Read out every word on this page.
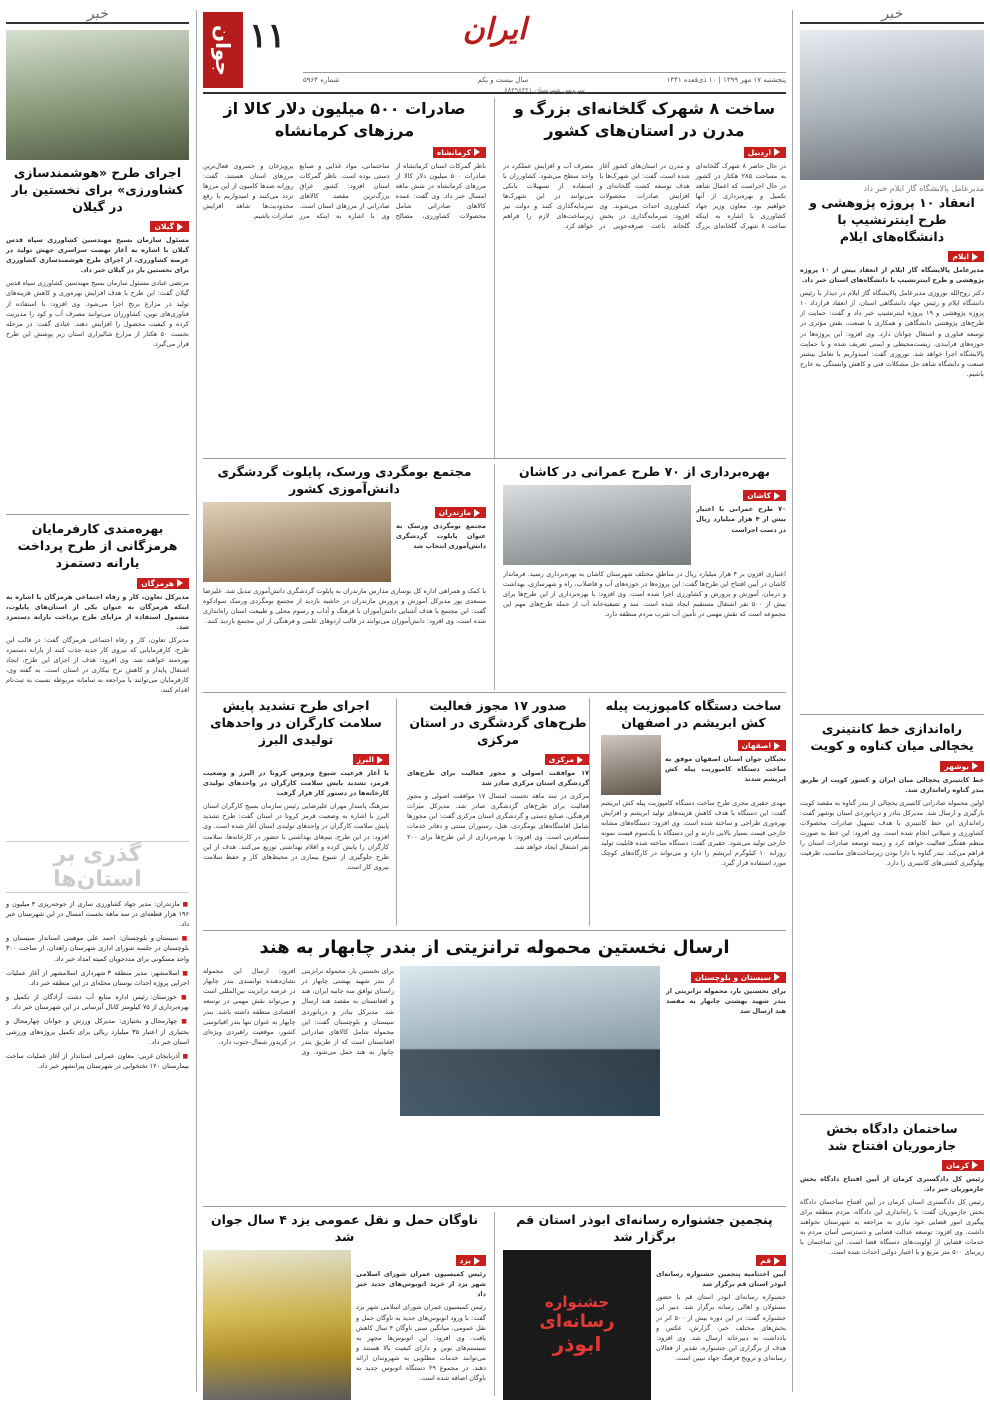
خبر
مدیرعامل پالایشگاه گاز ایلام خبر داد
انعقاد ۱۰ پروژه پژوهشی و طرح اینترنشیپ با دانشگاه‌های ایلام
ایلام
مدیرعامل پالایشگاه گاز ایلام از انعقاد بیش از ۱۰ پروژه پژوهشی و طرح اینترنشیپ با دانشگاه‌های استان خبر داد.
دکتر روح‌الله نوروزی مدیرعامل پالایشگاه گاز ایلام در دیدار با رئیس دانشگاه ایلام و رئیس جهاد دانشگاهی استان، از انعقاد قرارداد ۱۰ پروژه پژوهشی و ۱۹ پروژه اینترنشیپ خبر داد و گفت: حمایت از طرح‌های پژوهشی دانشگاهی و همکاری با صنعت، نقش مؤثری در توسعه فناوری و اشتغال جوانان دارد. وی افزود: این پروژه‌ها در حوزه‌های فرایندی، زیست‌محیطی و ایمنی تعریف شده و با حمایت پالایشگاه اجرا خواهد شد. نوروزی گفت: امیدواریم با تعامل بیشتر صنعت و دانشگاه شاهد حل مشکلات فنی و کاهش وابستگی به خارج باشیم.
راه‌اندازی خط کانتینری یخچالی میان کناوه و کویت
بوشهر
خط کانتینری یخچالی میان ایران و کشور کویت از طریق بندر گناوه راه‌اندازی شد.
اولین محموله صادراتی کانتینری یخچالی از بندر گناوه به مقصد کویت بارگیری و ارسال شد. مدیرکل بنادر و دریانوردی استان بوشهر گفت: راه‌اندازی این خط کانتینری با هدف تسهیل صادرات محصولات کشاورزی و شیلاتی انجام شده است. وی افزود: این خط به صورت منظم هفتگی فعالیت خواهد کرد و زمینه توسعه صادرات استان را فراهم می‌کند. بندر گناوه با دارا بودن زیرساخت‌های مناسب، ظرفیت پهلوگیری کشتی‌های کانتینری را دارد.
ساختمان دادگاه بخش جازموریان افتتاح شد
کرمان
رئیس کل دادگستری کرمان از آیین افتتاح دادگاه بخش جازموریان خبر داد.
رئیس کل دادگستری استان کرمان در آیین افتتاح ساختمان دادگاه بخش جازموریان گفت: با راه‌اندازی این دادگاه، مردم منطقه برای پیگیری امور قضایی خود نیازی به مراجعه به شهرستان نخواهند داشت. وی افزود: توسعه عدالت قضایی و دسترسی آسان مردم به خدمات قضایی از اولویت‌های دستگاه قضا است. این ساختمان با زیربنای ۵۰۰ متر مربع و با اعتبار دولتی احداث شده است.
خبر
اجرای طرح «هوشمندسازی کشاورزی» برای نخستین بار در گیلان
گیلان
مسئول سازمان بسیج مهندسین کشاورزی سپاه قدس گیلان با اشاره به آغاز نهضت سراسری جهش تولید در عرصه کشاورزی، از اجرای طرح هوشمندسازی کشاورزی برای نخستین بار در گیلان خبر داد.
مرتضی عبادی مسئول سازمان بسیج مهندسین کشاورزی سپاه قدس گیلان گفت: این طرح با هدف افزایش بهره‌وری و کاهش هزینه‌های تولید در مزارع برنج اجرا می‌شود. وی افزود: با استفاده از فناوری‌های نوین، کشاورزان می‌توانند مصرف آب و کود را مدیریت کرده و کیفیت محصول را افزایش دهند. عبادی گفت: در مرحله نخست ۵۰ هکتار از مزارع شالیزاری استان زیر پوشش این طرح قرار می‌گیرد.
بهره‌مندی کارفرمایان هرمزگانی از طرح پرداخت یارانه دستمزد
هرمزگان
مدیرکل تعاون، کار و رفاه اجتماعی هرمزگان با اشاره به اینکه هرمزگان به عنوان یکی از استان‌های پایلوت، مشمول استفاده از مزایای طرح پرداخت یارانه دستمزد شد.
مدیرکل تعاون، کار و رفاه اجتماعی هرمزگان گفت: در قالب این طرح، کارفرمایانی که نیروی کار جدید جذب کنند از یارانه دستمزد بهره‌مند خواهند شد. وی افزود: هدف از اجرای این طرح، ایجاد اشتغال پایدار و کاهش نرخ بیکاری در استان است. به گفته وی، کارفرمایان می‌توانند با مراجعه به سامانه مربوطه نسبت به ثبت‌نام اقدام کنند.
گذری بر استان‌ها
■ مازندران: مدیر جهاد کشاورزی ساری از جوجه‌ریزی ۴ میلیون و ۱۹۶ هزار قطعه‌ای در سه ماهه نخست امسال در این شهرستان خبر داد.
■ سیستان و بلوچستان: احمد علی موهبتی استاندار سیستان و بلوچستان در جلسه شورای اداری شهرستان زاهدان، از ساخت ۳۰۰ واحد مسکونی برای مددجویان کمیته امداد خبر داد.
■ اسلامشهر: مدیر منطقه ۳ شهرداری اسلامشهر از آغاز عملیات اجرایی پروژه احداث بوستان محله‌ای در این منطقه خبر داد.
■ خوزستان: رئیس اداره منابع آب دشت آزادگان از تکمیل و بهره‌برداری از ۷۵ کیلومتر کانال آبرسانی در این شهرستان خبر داد.
■ چهارمحال و بختیاری: مدیرکل ورزش و جوانان چهارمحال و بختیاری از اعتبار ۳۵ میلیارد ریالی برای تکمیل پروژه‌های ورزشی استان خبر داد.
■ آذربایجان غربی: معاون عمرانی استاندار از آغاز عملیات ساخت بیمارستان ۱۲۰ تختخوابی در شهرستان پیرانشهر خبر داد.
جوان ۱۱	ایران
پنجشنبه ۱۷ مهر ۱۳۹۹ | ۱۰ ذی‌قعده ۱۴۴۱
سال بیست و یکم
شماره ۵۹۶۴
سرویس شهرستان ۸۸۴۹۸۴۴۱
ساخت ۸ شهرک گلخانه‌ای بزرگ و مدرن در استان‌های کشور
اردبیل
در حال حاضر ۸ شهرک گلخانه‌ای به مساحت ۲۸۵ هکتار در کشور در حال اجراست که اعمال شاهد تکمیل و بهره‌برداری از آنها خواهیم بود. معاون وزیر جهاد کشاورزی با اشاره به اینکه ساخت ۸ شهرک گلخانه‌ای بزرگ و مدرن در استان‌های کشور آغاز شده است، گفت: این شهرک‌ها با هدف توسعه کشت گلخانه‌ای و افزایش صادرات محصولات کشاورزی احداث می‌شوند. وی افزود: سرمایه‌گذاری در بخش گلخانه باعث صرفه‌جویی در مصرف آب و افزایش عملکرد در واحد سطح می‌شود. کشاورزان با استفاده از تسهیلات بانکی می‌توانند در این شهرک‌ها سرمایه‌گذاری کنند و دولت نیز زیرساخت‌های لازم را فراهم خواهد کرد.
صادرات ۵۰۰ میلیون دلار کالا از مرزهای کرمانشاه
کرمانشاه
ناظر گمرکات استان کرمانشاه از صادرات ۵۰۰ میلیون دلار کالا از مرزهای کرمانشاه در شش ماهه امسال خبر داد. وی گفت: عمده کالاهای صادراتی شامل محصولات کشاورزی، مصالح ساختمانی، مواد غذایی و صنایع دستی بوده است. ناظر گمرکات استان افزود: کشور عراق بزرگ‌ترین مقصد کالاهای صادراتی از مرزهای استان است. وی با اشاره به اینکه مرز پرویزخان و خسروی فعال‌ترین مرزهای استان هستند، گفت: روزانه صدها کامیون از این مرزها تردد می‌کنند و امیدواریم با رفع محدودیت‌ها شاهد افزایش صادرات باشیم.
بهره‌برداری از ۷۰ طرح عمرانی در کاشان
کاشان
۷۰ طرح عمرانی با اعتبار بیش از ۴ هزار میلیارد ریال در دست اجراست
اعتباری افزون بر ۴ هزار میلیارد ریال در مناطق مختلف شهرستان کاشان به بهره‌برداری رسید. فرماندار کاشان در آیین افتتاح این طرح‌ها گفت: این پروژه‌ها در حوزه‌های آب و فاضلاب، راه و شهرسازی، بهداشت و درمان، آموزش و پرورش و کشاورزی اجرا شده است. وی افزود: با بهره‌برداری از این طرح‌ها برای بیش از ۵۰۰ نفر اشتغال مستقیم ایجاد شده است. سد و تصفیه‌خانه آب از جمله طرح‌های مهم این مجموعه است که نقش مهمی در تأمین آب شرب مردم منطقه دارد.
مجتمع بومگردی ورسک، پایلوت گردشگری دانش‌آموزی کشور
مازندران
مجتمع بومگردی ورسک به عنوان پایلوت گردشگری دانش‌آموزی انتخاب شد
با کمک و همراهی اداره کل نوسازی مدارس مازندران به پایلوت گردشگری دانش‌آموزی تبدیل شد. علیرضا مسعدی پور مدیرکل آموزش و پرورش مازندران در حاشیه بازدید از مجتمع بومگردی ورسک سوادکوه گفت: این مجتمع با هدف آشنایی دانش‌آموزان با فرهنگ و آداب و رسوم محلی و طبیعت استان راه‌اندازی شده است. وی افزود: دانش‌آموزان می‌توانند در قالب اردوهای علمی و فرهنگی از این مجتمع بازدید کنند.
ساخت دستگاه کامپوزیت پیله کش ابریشم در اصفهان
اصفهان
نخبگان جوان استان اصفهان موفق به ساخت دستگاه کامپوزیت پیله کش ابریشم شدند
مهدی حقیری مجری طرح ساخت دستگاه کامپوزیت پیله کش ابریشم گفت: این دستگاه با هدف کاهش هزینه‌های تولید ابریشم و افزایش بهره‌وری طراحی و ساخته شده است. وی افزود: دستگاه‌های مشابه خارجی قیمت بسیار بالایی دارند و این دستگاه با یک‌سوم قیمت نمونه خارجی تولید می‌شود. حقیری گفت: دستگاه ساخته شده قابلیت تولید روزانه ۱۰ کیلوگرم ابریشم را دارد و می‌تواند در کارگاه‌های کوچک مورد استفاده قرار گیرد.
صدور ۱۷ مجوز فعالیت طرح‌های گردشگری در استان مرکزی
مرکزی
۱۷ موافقت اصولی و مجوز فعالیت برای طرح‌های گردشگری استان مرکزی صادر شد
مرکزی در سه ماهه نخست امسال ۱۷ موافقت اصولی و مجوز فعالیت برای طرح‌های گردشگری صادر شد. مدیرکل میراث فرهنگی، صنایع دستی و گردشگری استان مرکزی گفت: این مجوزها شامل اقامتگاه‌های بومگردی، هتل، رستوران سنتی و دفاتر خدمات مسافرتی است. وی افزود: با بهره‌برداری از این طرح‌ها برای ۲۰۰ نفر اشتغال ایجاد خواهد شد.
اجرای طرح تشدید پایش سلامت کارگران در واحدهای تولیدی البرز
البرز
با آغاز فرعیت شیوع ویروس کرونا در البرز و وضعیت قرمز، تشدید پایش سلامت کارگران در واحدهای تولیدی کارخانه‌ها در دستور کار قرار گرفت
سرهنگ پاسدار مهران علیرضایی رئیس سازمان بسیج کارگران استان البرز با اشاره به وضعیت قرمز کرونا در استان گفت: طرح تشدید پایش سلامت کارگران در واحدهای تولیدی استان آغاز شده است. وی افزود: در این طرح، تیم‌های بهداشتی با حضور در کارخانه‌ها، سلامت کارگران را پایش کرده و اقلام بهداشتی توزیع می‌کنند. هدف از این طرح جلوگیری از شیوع بیماری در محیط‌های کار و حفظ سلامت نیروی کار است.
ارسال نخستین محموله ترانزیتی از بندر چابهار به هند
سیستان و بلوچستان
برای نخستین بار، محموله ترانزیتی از بندر شهید بهشتی چابهار به مقصد هند ارسال شد
برای نخستین بار، محموله ترانزیتی از بندر شهید بهشتی چابهار در راستای توافق سه جانبه ایران، هند و افغانستان به مقصد هند ارسال شد. مدیرکل بنادر و دریانوردی سیستان و بلوچستان گفت: این محموله شامل کالاهای صادراتی افغانستان است که از طریق بندر چابهار به هند حمل می‌شود. وی افزود: ارسال این محموله نشان‌دهنده توانمندی بندر چابهار در عرصه ترانزیت بین‌المللی است و می‌تواند نقش مهمی در توسعه اقتصادی منطقه داشته باشد. بندر چابهار به عنوان تنها بندر اقیانوسی کشور، موقعیت راهبردی ویژه‌ای در کریدور شمال-جنوب دارد.
پنجمین جشنواره رسانه‌ای ابوذر استان قم برگزار شد
قم
آیین اختتامیه پنجمین جشنواره رسانه‌ای ابوذر استان قم برگزار شد
جشنواره رسانه‌ای ابوذر استان قم با حضور مسئولان و اهالی رسانه برگزار شد. دبیر این جشنواره گفت: در این دوره بیش از ۵۰۰ اثر در بخش‌های مختلف خبر، گزارش، عکس و یادداشت به دبیرخانه ارسال شد. وی افزود: هدف از برگزاری این جشنواره، تقدیر از فعالان رسانه‌ای و ترویج فرهنگ جهاد تبیین است.
جشنواره
رسانه‌ای
ابوذر
ناوگان حمل و نقل عمومی یزد ۴ سال جوان شد
یزد
رئیس کمیسیون عمران شورای اسلامی شهر یزد از خرید اتوبوس‌های جدید خبر داد
رئیس کمیسیون عمران شورای اسلامی شهر یزد گفت: با ورود اتوبوس‌های جدید به ناوگان حمل و نقل عمومی، میانگین سنی ناوگان ۴ سال کاهش یافت. وی افزود: این اتوبوس‌ها مجهز به سیستم‌های نوین و دارای کیفیت بالا هستند و می‌توانند خدمات مطلوبی به شهروندان ارائه دهند. در مجموع ۲۹ دستگاه اتوبوس جدید به ناوگان اضافه شده است.
